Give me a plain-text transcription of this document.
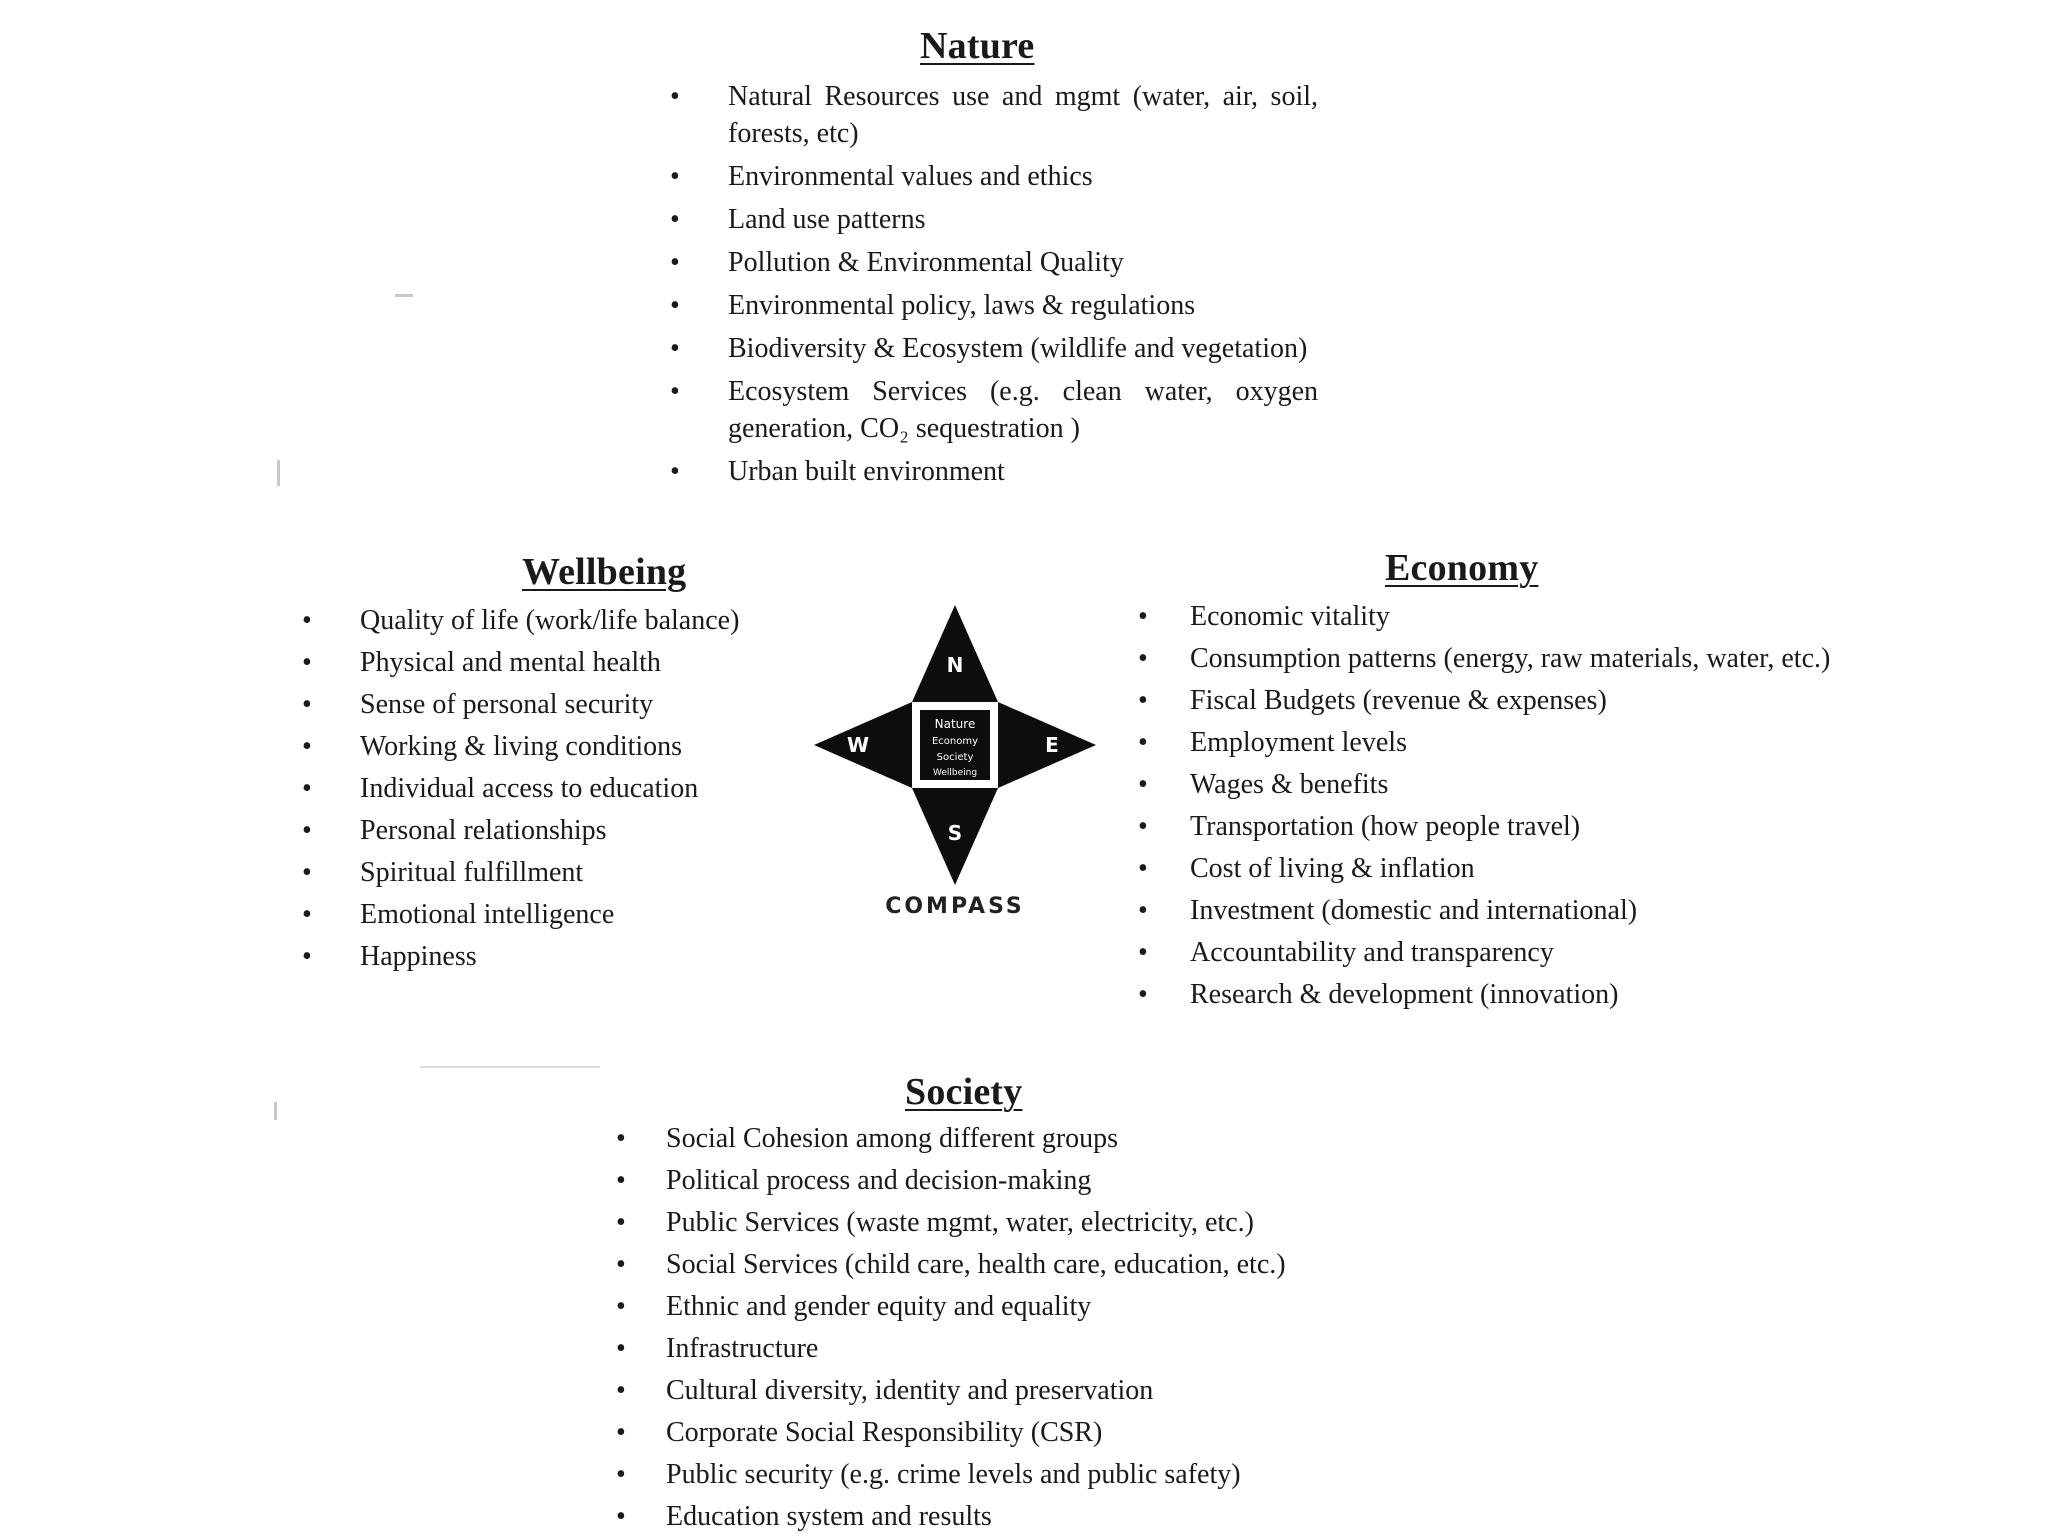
Nature
• Natural Resources use and mgmt (water, air, soil, forests, etc)
• Environmental values and ethics
• Land use patterns
• Pollution & Environmental Quality
• Environmental policy, laws & regulations
• Biodiversity & Ecosystem (wildlife and vegetation)
• Ecosystem Services (e.g. clean water, oxygen generation, CO₂ sequestration )
• Urban built environment
Wellbeing
• Quality of life (work/life balance)
• Physical and mental health
• Sense of personal security
• Working & living conditions
• Individual access to education
• Personal relationships
• Spiritual fulfillment
• Emotional intelligence
• Happiness
N
S
W	E
Nature
Economy
Society
Wellbeing
COMPASS
Economy
• Economic vitality
• Consumption patterns (energy, raw materials, water, etc.)
• Fiscal Budgets (revenue & expenses)
• Employment levels
• Wages & benefits
• Transportation (how people travel)
• Cost of living & inflation
• Investment (domestic and international)
• Accountability and transparency
• Research & development (innovation)
Society
• Social Cohesion among different groups
• Political process and decision-making
• Public Services (waste mgmt, water, electricity, etc.)
• Social Services (child care, health care, education, etc.)
• Ethnic and gender equity and equality
• Infrastructure
• Cultural diversity, identity and preservation
• Corporate Social Responsibility (CSR)
• Public security (e.g. crime levels and public safety)
• Education system and results
